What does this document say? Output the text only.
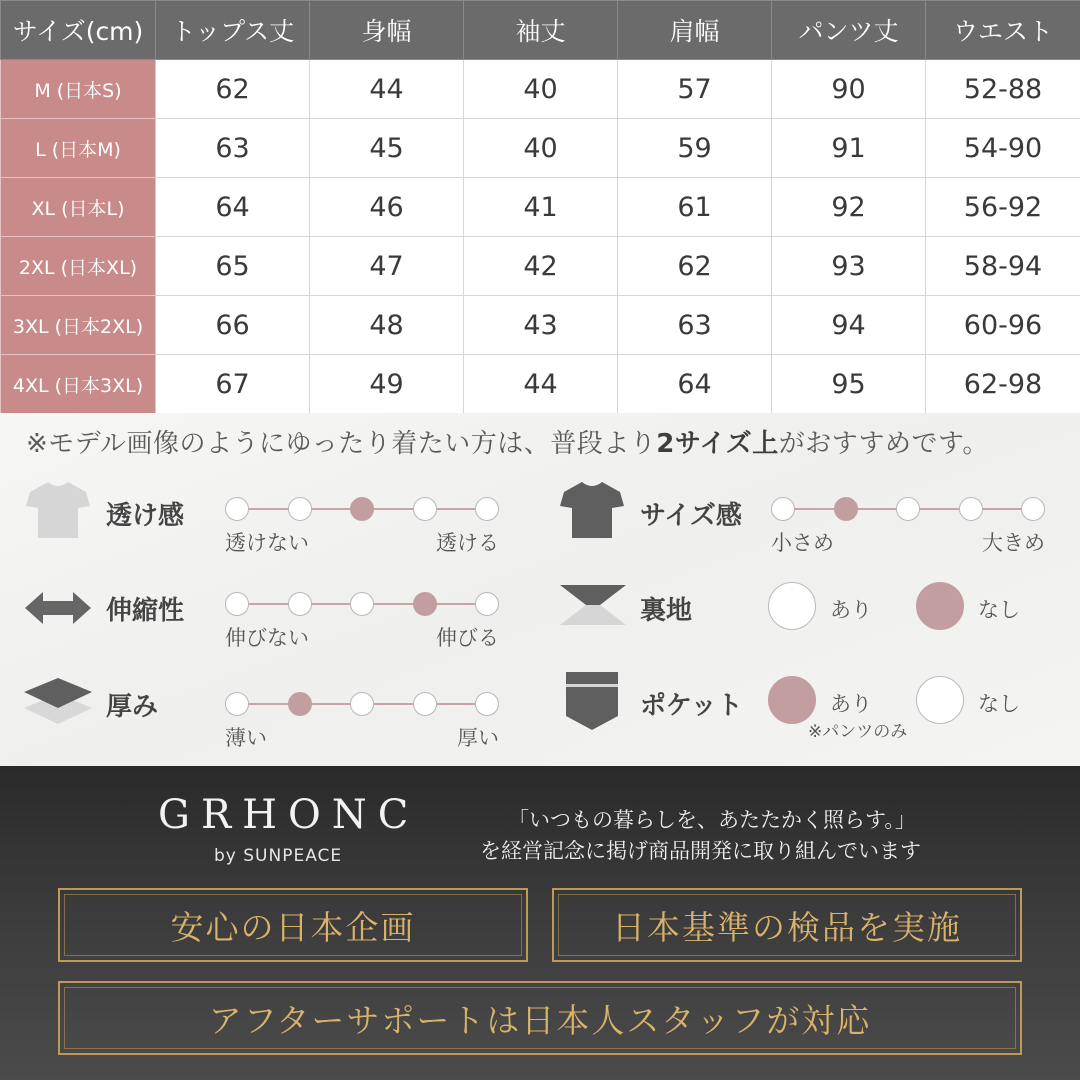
サイズ(cm)	トップス丈	身幅	袖丈	肩幅	パンツ丈	ウエスト
M (日本S)	62	44	40	57	90	52-88
L (日本M)	63	45	40	59	91	54-90
XL (日本L)	64	46	41	61	92	56-92
2XL (日本XL)	65	47	42	62	93	58-94
3XL (日本2XL)	66	48	43	63	94	60-96
4XL (日本3XL)	67	49	44	64	95	62-98
※モデル画像のようにゆったり着たい方は、普段より2サイズ上がおすすめです。
透け感
透けない	透ける
伸縮性
伸びない	伸びる
厚み
薄い	厚い
サイズ感
小さめ	大きめ
裏地	あり	なし
ポケット	あり	なし
※パンツのみ
GRHONC
by SUNPEACE
「いつもの暮らしを、あたたかく照らす。」
を経営記念に掲げ商品開発に取り組んでいます
安心の日本企画	日本基準の検品を実施
アフターサポートは日本人スタッフが対応
